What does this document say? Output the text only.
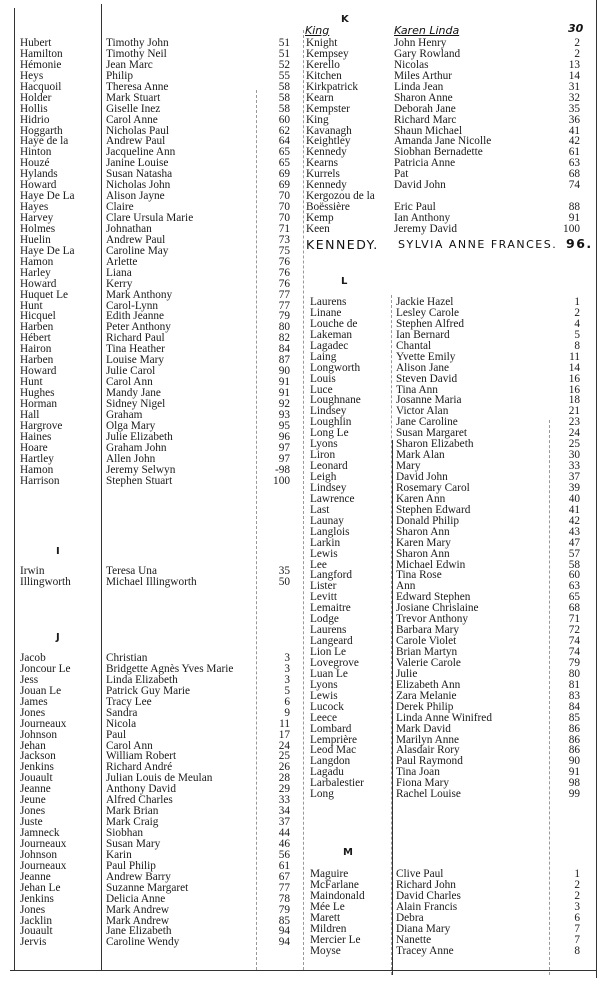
Hubert	Timothy John	51
Hamilton	Timothy Neil	51
Hémonie	Jean Marc	52
Heys	Philip	55
Hacquoil	Theresa Anne	58
Holder	Mark Stuart	58
Hollis	Giselle Inez	58
Hidrio	Carol Anne	60
Hoggarth	Nicholas Paul	62
Haye de la	Andrew Paul	64
Hinton	Jacqueline Ann	65
Houzé	Janine Louise	65
Hylands	Susan Natasha	69
Howard	Nicholas John	69
Haye De La	Alison Jayne	70
Hayes	Claire	70
Harvey	Clare Ursula Marie	70
Holmes	Johnathan	71
Huelin	Andrew Paul	73
Haye De La	Caroline May	75
Hamon	Arlette	76
Harley	Liana	76
Howard	Kerry	76
Huquet Le	Mark Anthony	77
Hunt	Carol-Lynn	77
Hicquel	Edith Jeanne	79
Harben	Peter Anthony	80
Hébert	Richard Paul	82
Hairon	Tina Heather	84
Harben	Louise Mary	87
Howard	Julie Carol	90
Hunt	Carol Ann	91
Hughes	Mandy Jane	91
Horman	Sidney Nigel	92
Hall	Graham	93
Hargrove	Olga Mary	95
Haines	Julie Elizabeth	96
Hoare	Graham John	97
Hartley	Allen John	97
Hamon	Jeremy Selwyn	-98
Harrison	Stephen Stuart	100
I
Irwin	Teresa Una	35
Illingworth	Michael Illingworth	50
J
Jacob	Christian	3
Joncour Le	Bridgette Agnès Yves Marie	3
Jess	Linda Elizabeth	3
Jouan Le	Patrick Guy Marie	5
James	Tracy Lee	6
Jones	Sandra	9
Journeaux	Nicola	11
Johnson	Paul	17
Jehan	Carol Ann	24
Jackson	William Robert	25
Jenkins	Richard André	26
Jouault	Julian Louis de Meulan	28
Jeanne	Anthony David	29
Jeune	Alfred Charles	33
Jones	Mark Brian	34
Juste	Mark Craig	37
Jamneck	Siobhan	44
Journeaux	Susan Mary	46
Johnson	Karin	56
Journeaux	Paul Philip	61
Jeanne	Andrew Barry	67
Jehan Le	Suzanne Margaret	77
Jenkins	Delicia Anne	78
Jones	Mark Andrew	79
Jacklin	Mark Andrew	85
Jouault	Jane Elizabeth	94
Jervis	Caroline Wendy	94
K
King	Karen Linda	30
Knight	John Henry	2
Kempsey	Gary Rowland	2
Kerello	Nicolas	13
Kitchen	Miles Arthur	14
Kirkpatrick	Linda Jean	31
Kearn	Sharon Anne	32
Kempster	Deborah Jane	35
King	Richard Marc	36
Kavanagh	Shaun Michael	41
Keightley	Amanda Jane Nicolle	42
Kennedy	Siobhan Bernadette	61
Kearns	Patricia Anne	63
Kurrels	Pat	68
Kennedy	David John	74
Kergozou de la
Boëssière	Eric Paul	88
Kemp	Ian Anthony	91
Keen	Jeremy David	100
KENNEDY. SYLVIA ANNE FRANCES. 96.
L
Laurens	Jackie Hazel	1
Linane	Lesley Carole	2
Louche de	Stephen Alfred	4
Lakeman	Ian Bernard	5
Lagadec	Chantal	8
Laing	Yvette Emily	11
Longworth	Alison Jane	14
Louis	Steven David	16
Luce	Tina Ann	16
Loughnane	Josanne Maria	18
Lindsey	Victor Alan	21
Loughlin	Jane Caroline	23
Long Le	Susan Margaret	24
Lyons	Sharon Elizabeth	25
Liron	Mark Alan	30
Leonard	Mary	33
Leigh	David John	37
Lindsey	Rosemary Carol	39
Lawrence	Karen Ann	40
Last	Stephen Edward	41
Launay	Donald Philip	42
Langlois	Sharon Ann	43
Larkin	Karen Mary	47
Lewis	Sharon Ann	57
Lee	Michael Edwin	58
Langford	Tina Rose	60
Lister	Ann	63
Levitt	Edward Stephen	65
Lemaitre	Josiane Chrislaine	68
Lodge	Trevor Anthony	71
Laurens	Barbara Mary	72
Langeard	Carole Violet	74
Lion Le	Brian Martyn	74
Lovegrove	Valerie Carole	79
Luan Le	Julie	80
Lyons	Elizabeth Ann	81
Lewis	Zara Melanie	83
Lucock	Derek Philip	84
Leece	Linda Anne Winifred	85
Lombard	Mark David	86
Lemprière	Marilyn Anne	86
Leod Mac	Alasdair Rory	86
Langdon	Paul Raymond	90
Lagadu	Tina Joan	91
Larbalestier	Fiona Mary	98
Long	Rachel Louise	99
M
Maguire	Clive Paul	1
McFarlane	Richard John	2
Maindonald	David Charles	2
Mée Le	Alain Francis	3
Marett	Debra	6
Mildren	Diana Mary	7
Mercier Le	Nanette	7
Moyse	Tracey Anne	8
